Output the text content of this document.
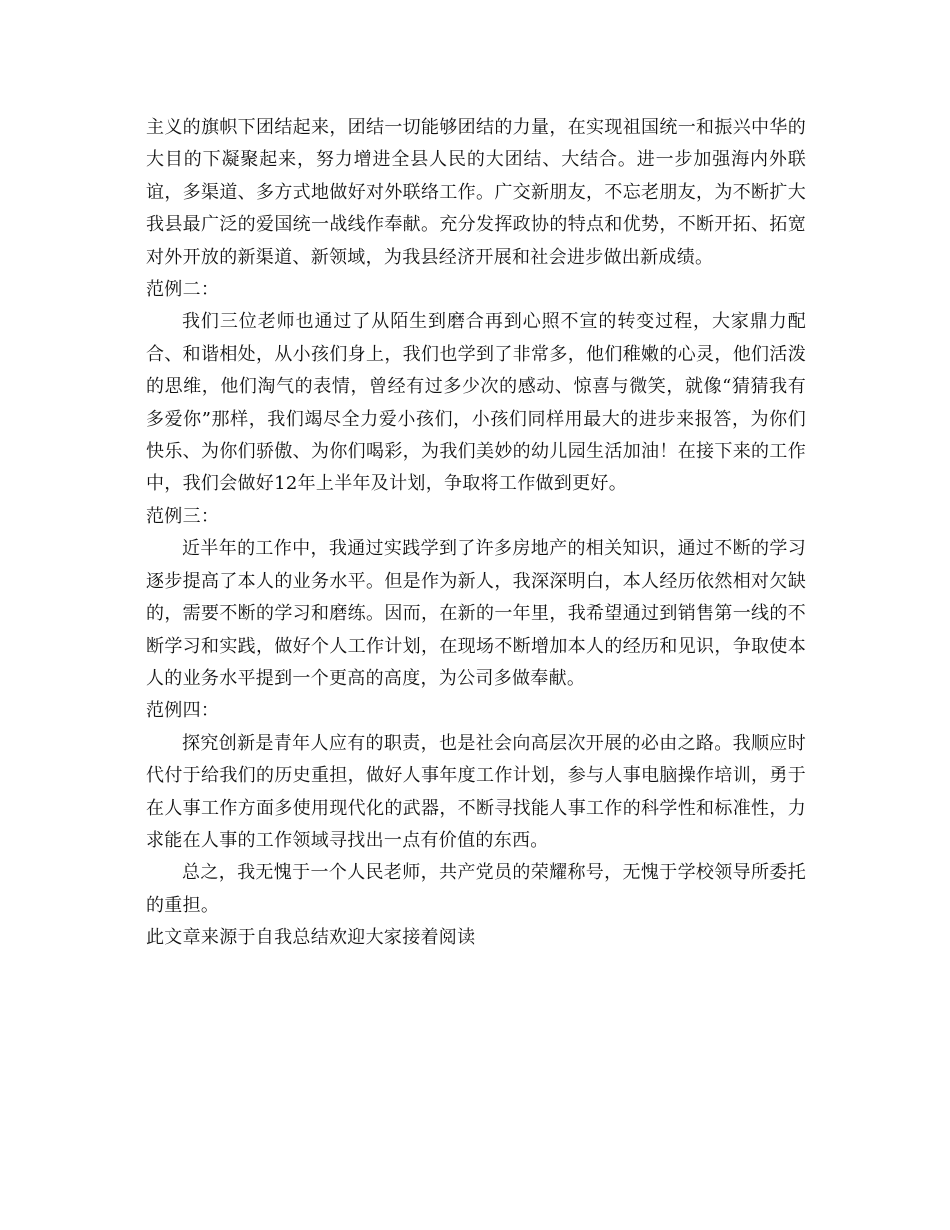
主义的旗帜下团结起来，团结一切能够团结的力量，在实现祖国统一和振兴中华的大目的下凝聚起来，努力增进全县人民的大团结、大结合。进一步加强海内外联谊，多渠道、多方式地做好对外联络工作。广交新朋友，不忘老朋友，为不断扩大我县最广泛的爱国统一战线作奉献。充分发挥政协的特点和优势，不断开拓、拓宽对外开放的新渠道、新领域，为我县经济开展和社会进步做出新成绩。

范例二：

我们三位老师也通过了从陌生到磨合再到心照不宣的转变过程，大家鼎力配合、和谐相处，从小孩们身上，我们也学到了非常多，他们稚嫩的心灵，他们活泼的思维，他们淘气的表情，曾经有过多少次的感动、惊喜与微笑，就像“猜猜我有多爱你”那样，我们竭尽全力爱小孩们，小孩们同样用最大的进步来报答，为你们快乐、为你们骄傲、为你们喝彩，为我们美妙的幼儿园生活加油！在接下来的工作中，我们会做好12年上半年及计划，争取将工作做到更好。

范例三：

近半年的工作中，我通过实践学到了许多房地产的相关知识，通过不断的学习逐步提高了本人的业务水平。但是作为新人，我深深明白，本人经历依然相对欠缺的，需要不断的学习和磨练。因而，在新的一年里，我希望通过到销售第一线的不断学习和实践，做好个人工作计划，在现场不断增加本人的经历和见识，争取使本人的业务水平提到一个更高的高度，为公司多做奉献。

范例四：

探究创新是青年人应有的职责，也是社会向高层次开展的必由之路。我顺应时代付于给我们的历史重担，做好人事年度工作计划，参与人事电脑操作培训，勇于在人事工作方面多使用现代化的武器，不断寻找能人事工作的科学性和标准性，力求能在人事的工作领域寻找出一点有价值的东西。

总之，我无愧于一个人民老师，共产党员的荣耀称号，无愧于学校领导所委托的重担。

此文章来源于自我总结欢迎大家接着阅读
